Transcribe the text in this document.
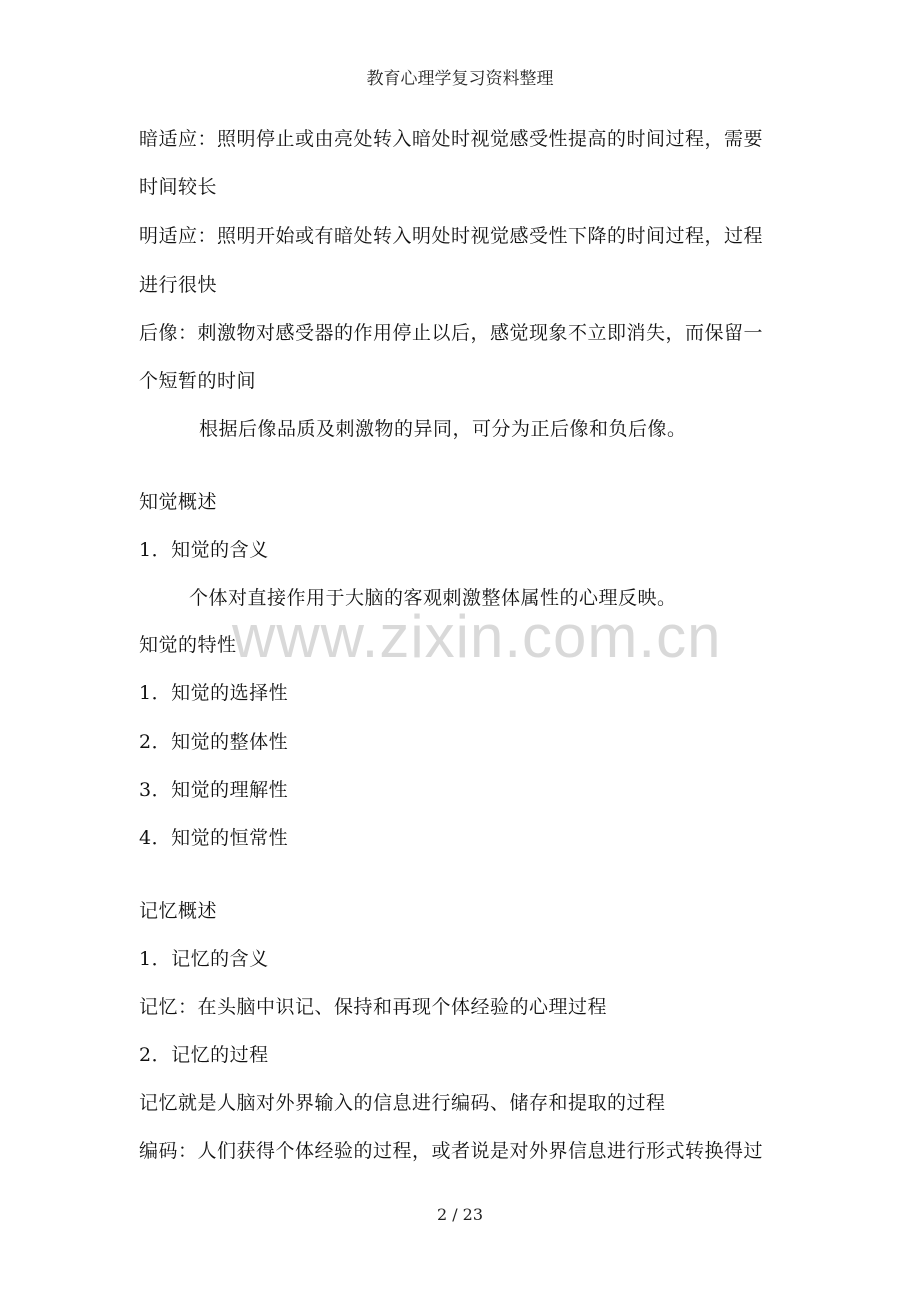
教育心理学复习资料整理
www.zixin.com.cn
暗适应：照明停止或由亮处转入暗处时视觉感受性提高的时间过程，需要
时间较长
明适应：照明开始或有暗处转入明处时视觉感受性下降的时间过程，过程
进行很快
后像：刺激物对感受器的作用停止以后，感觉现象不立即消失，而保留一
个短暂的时间
根据后像品质及刺激物的异同，可分为正后像和负后像。
知觉概述
1．知觉的含义
个体对直接作用于大脑的客观刺激整体属性的心理反映。
知觉的特性
1．知觉的选择性
2．知觉的整体性
3．知觉的理解性
4．知觉的恒常性
记忆概述
1．记忆的含义
记忆：在头脑中识记、保持和再现个体经验的心理过程
2．记忆的过程
记忆就是人脑对外界输入的信息进行编码、储存和提取的过程
编码：人们获得个体经验的过程，或者说是对外界信息进行形式转换得过
2 / 23
